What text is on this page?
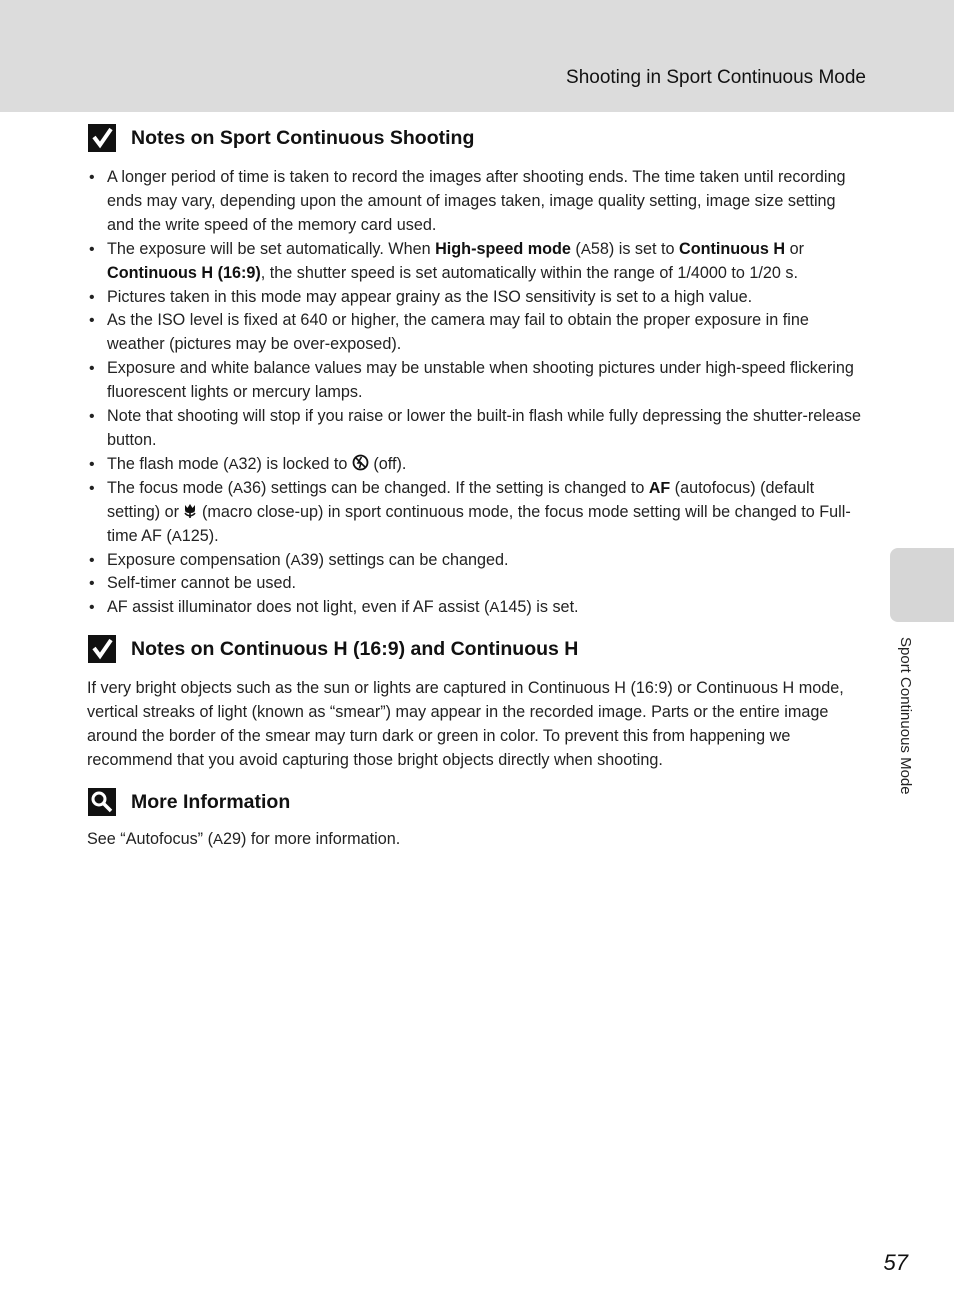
Shooting in Sport Continuous Mode
Sport Continuous Mode
Notes on Sport Continuous Shooting
• A longer period of time is taken to record the images after shooting ends. The time taken until recording ends may vary, depending upon the amount of images taken, image quality setting, image size setting and the write speed of the memory card used.
• The exposure will be set automatically. When High-speed mode (A58) is set to Continuous H or Continuous H (16:9), the shutter speed is set automatically within the range of 1/4000 to 1/20 s.
• Pictures taken in this mode may appear grainy as the ISO sensitivity is set to a high value.
• As the ISO level is fixed at 640 or higher, the camera may fail to obtain the proper exposure in fine weather (pictures may be over-exposed).
• Exposure and white balance values may be unstable when shooting pictures under high-speed flickering fluorescent lights or mercury lamps.
• Note that shooting will stop if you raise or lower the built-in flash while fully depressing the shutter-release button.
• The flash mode (A32) is locked to  (off).
• The focus mode (A36) settings can be changed. If the setting is changed to AF (autofocus) (default setting) or  (macro close-up) in sport continuous mode, the focus mode setting will be changed to Full-time AF (A125).
• Exposure compensation (A39) settings can be changed.
• Self-timer cannot be used.
• AF assist illuminator does not light, even if AF assist (A145) is set.
Notes on Continuous H (16:9) and Continuous H

If very bright objects such as the sun or lights are captured in Continuous H (16:9) or Continuous H mode, vertical streaks of light (known as “smear”) may appear in the recorded image. Parts or the entire image around the border of the smear may turn dark or green in color. To prevent this from happening we recommend that you avoid capturing those bright objects directly when shooting.

More Information

See “Autofocus” (A29) for more information.

57
